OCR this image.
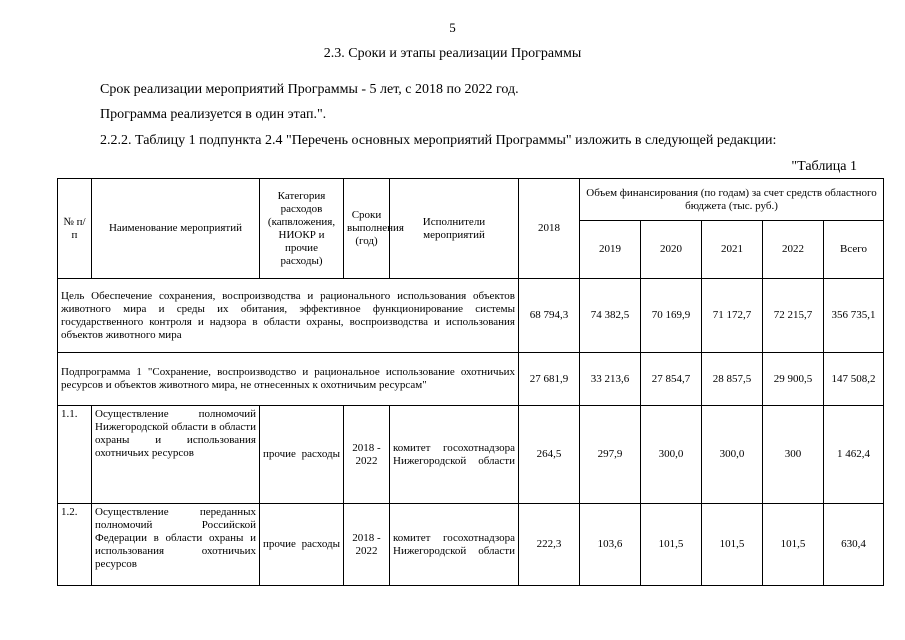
5
2.3. Сроки и этапы реализации Программы
Срок реализации мероприятий Программы - 5 лет, с 2018 по 2022 год.
Программа реализуется в один этап.".
2.2.2. Таблицу 1 подпункта 2.4 "Перечень основных мероприятий Программы" изложить в следующей редакции:
"Таблица 1
№ п/п	Наименование мероприятий	Категория расходов (капвложения, НИОКР и прочие расходы)	Сроки выполнения (год)	Исполнители мероприятий	2018	Объем финансирования (по годам) за счет средств областного бюджета (тыс. руб.)				
						2019	2020	2021	2022	Всего
Цель Обеспечение сохранения, воспроизводства и рационального использования объектов животного мира и среды их обитания, эффективное функционирование системы государственного контроля и надзора в области охраны, воспроизводства и использования объектов животного мира					68 794,3	74 382,5	70 169,9	71 172,7	72 215,7	356 735,1
Подпрограмма 1 "Сохранение, воспроизводство и рациональное использование охотничьих ресурсов и объектов животного мира, не отнесенных к охотничьим ресурсам"					27 681,9	33 213,6	27 854,7	28 857,5	29 900,5	147 508,2
1.1.	Осуществление полномочий Нижегородской области в области охраны и использования охотничьих ресурсов	прочие расходы	2018 - 2022	комитет госохотнадзора Нижегородской области	264,5	297,9	300,0	300,0	300	1 462,4
1.2.	Осуществление переданных полномочий Российской Федерации в области охраны и использования охотничьих ресурсов	прочие расходы	2018 - 2022	комитет госохотнадзора Нижегородской области	222,3	103,6	101,5	101,5	101,5	630,4
